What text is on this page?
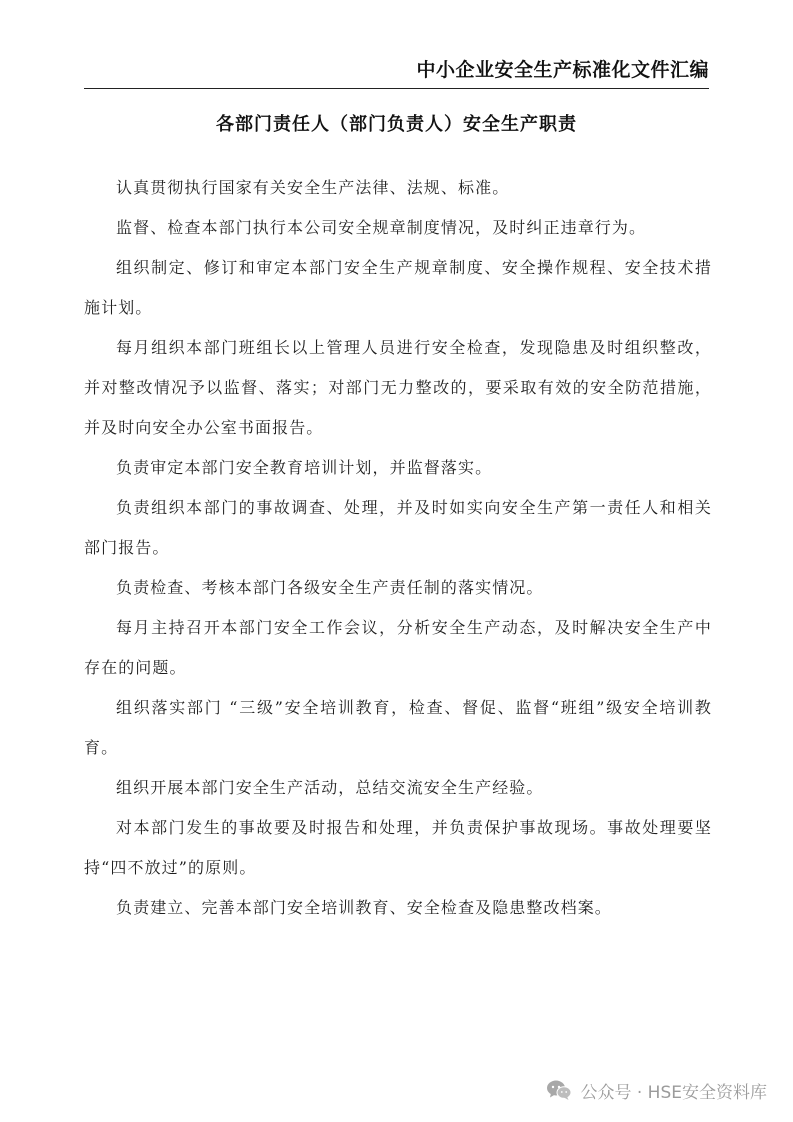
中小企业安全生产标准化文件汇编
各部门责任人（部门负责人）安全生产职责

认真贯彻执行国家有关安全生产法律、法规、标准。

监督、检查本部门执行本公司安全规章制度情况，及时纠正违章行为。

组织制定、修订和审定本部门安全生产规章制度、安全操作规程、安全技术措施计划。

每月组织本部门班组长以上管理人员进行安全检查，发现隐患及时组织整改，并对整改情况予以监督、落实；对部门无力整改的，要采取有效的安全防范措施，并及时向安全办公室书面报告。

负责审定本部门安全教育培训计划，并监督落实。

负责组织本部门的事故调查、处理，并及时如实向安全生产第一责任人和相关部门报告。

负责检查、考核本部门各级安全生产责任制的落实情况。

每月主持召开本部门安全工作会议，分析安全生产动态，及时解决安全生产中存在的问题。

组织落实部门 “三级”安全培训教育，检查、督促、监督“班组”级安全培训教育。

组织开展本部门安全生产活动，总结交流安全生产经验。

对本部门发生的事故要及时报告和处理，并负责保护事故现场。事故处理要坚持“四不放过”的原则。

负责建立、完善本部门安全培训教育、安全检查及隐患整改档案。

公众号 · HSE安全资料库
